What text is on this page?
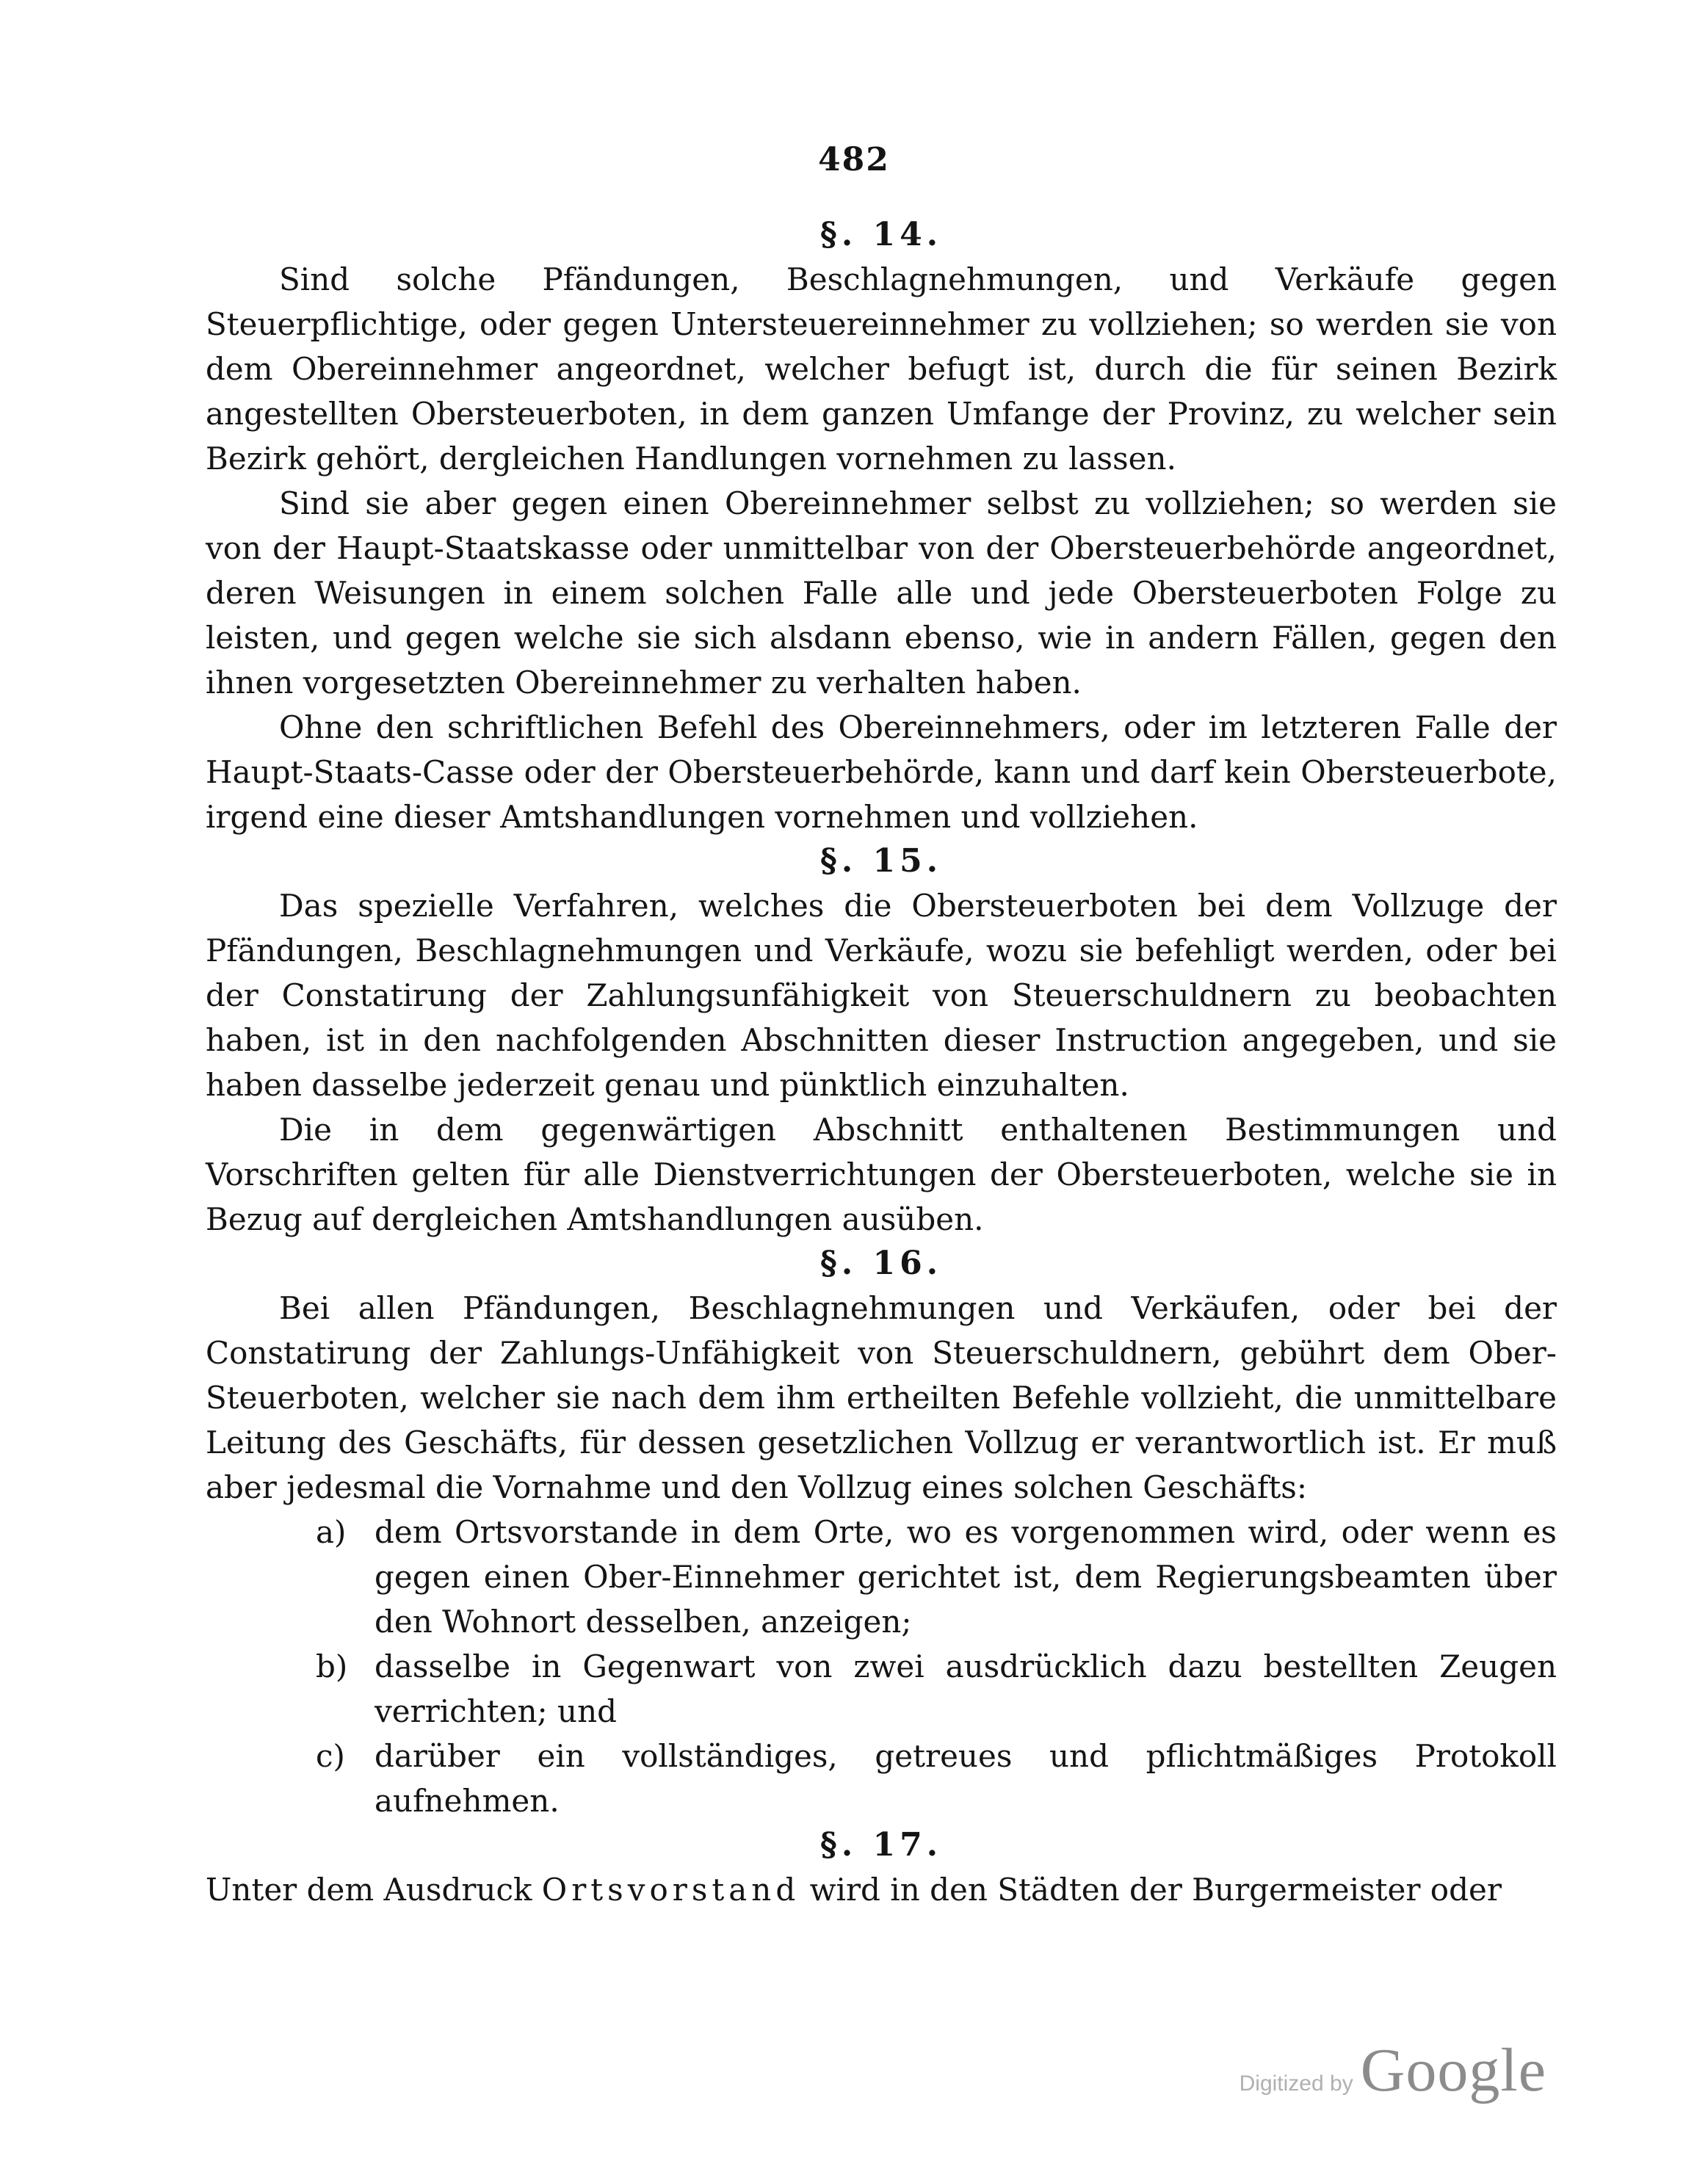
482
§. 14.

Sind solche Pfändungen, Beschlagnehmungen, und Verkäufe gegen Steuerpflichtige, oder gegen Untersteuereinnehmer zu vollziehen; so werden sie von dem Obereinnehmer angeordnet, welcher befugt ist, durch die für seinen Bezirk angestellten Obersteuerboten, in dem ganzen Umfange der Provinz, zu welcher sein Bezirk gehört, dergleichen Handlungen vornehmen zu lassen.

Sind sie aber gegen einen Obereinnehmer selbst zu vollziehen; so werden sie von der Haupt-Staatskasse oder unmittelbar von der Obersteuerbehörde angeordnet, deren Weisungen in einem solchen Falle alle und jede Obersteuerboten Folge zu leisten, und gegen welche sie sich alsdann ebenso, wie in andern Fällen, gegen den ihnen vorgesetzten Obereinnehmer zu verhalten haben.

Ohne den schriftlichen Befehl des Obereinnehmers, oder im letzteren Falle der Haupt-Staats-Casse oder der Obersteuerbehörde, kann und darf kein Obersteuerbote, irgend eine dieser Amtshandlungen vornehmen und vollziehen.

§. 15.

Das spezielle Verfahren, welches die Obersteuerboten bei dem Vollzuge der Pfändungen, Beschlagnehmungen und Verkäufe, wozu sie befehligt werden, oder bei der Constatirung der Zahlungsunfähigkeit von Steuerschuldnern zu beobachten haben, ist in den nachfolgenden Abschnitten dieser Instruction angegeben, und sie haben dasselbe jederzeit genau und pünktlich einzuhalten.

Die in dem gegenwärtigen Abschnitt enthaltenen Bestimmungen und Vorschriften gelten für alle Dienstverrichtungen der Obersteuerboten, welche sie in Bezug auf dergleichen Amtshandlungen ausüben.

§. 16.

Bei allen Pfändungen, Beschlagnehmungen und Verkäufen, oder bei der Constatirung der Zahlungs-Unfähigkeit von Steuerschuldnern, gebührt dem Ober-Steuerboten, welcher sie nach dem ihm ertheilten Befehle vollzieht, die unmittelbare Leitung des Geschäfts, für dessen gesetzlichen Vollzug er verantwortlich ist. Er muß aber jedesmal die Vornahme und den Vollzug eines solchen Geschäfts:

a) dem Ortsvorstande in dem Orte, wo es vorgenommen wird, oder wenn es gegen einen Ober-Einnehmer gerichtet ist, dem Regierungsbeamten über den Wohnort desselben, anzeigen;
b) dasselbe in Gegenwart von zwei ausdrücklich dazu bestellten Zeugen verrichten; und
c) darüber ein vollständiges, getreues und pflichtmäßiges Protokoll aufnehmen.
§. 17.

Unter dem Ausdruck Ortsvorstand wird in den Städten der Burgermeister oder

Digitized by Google
